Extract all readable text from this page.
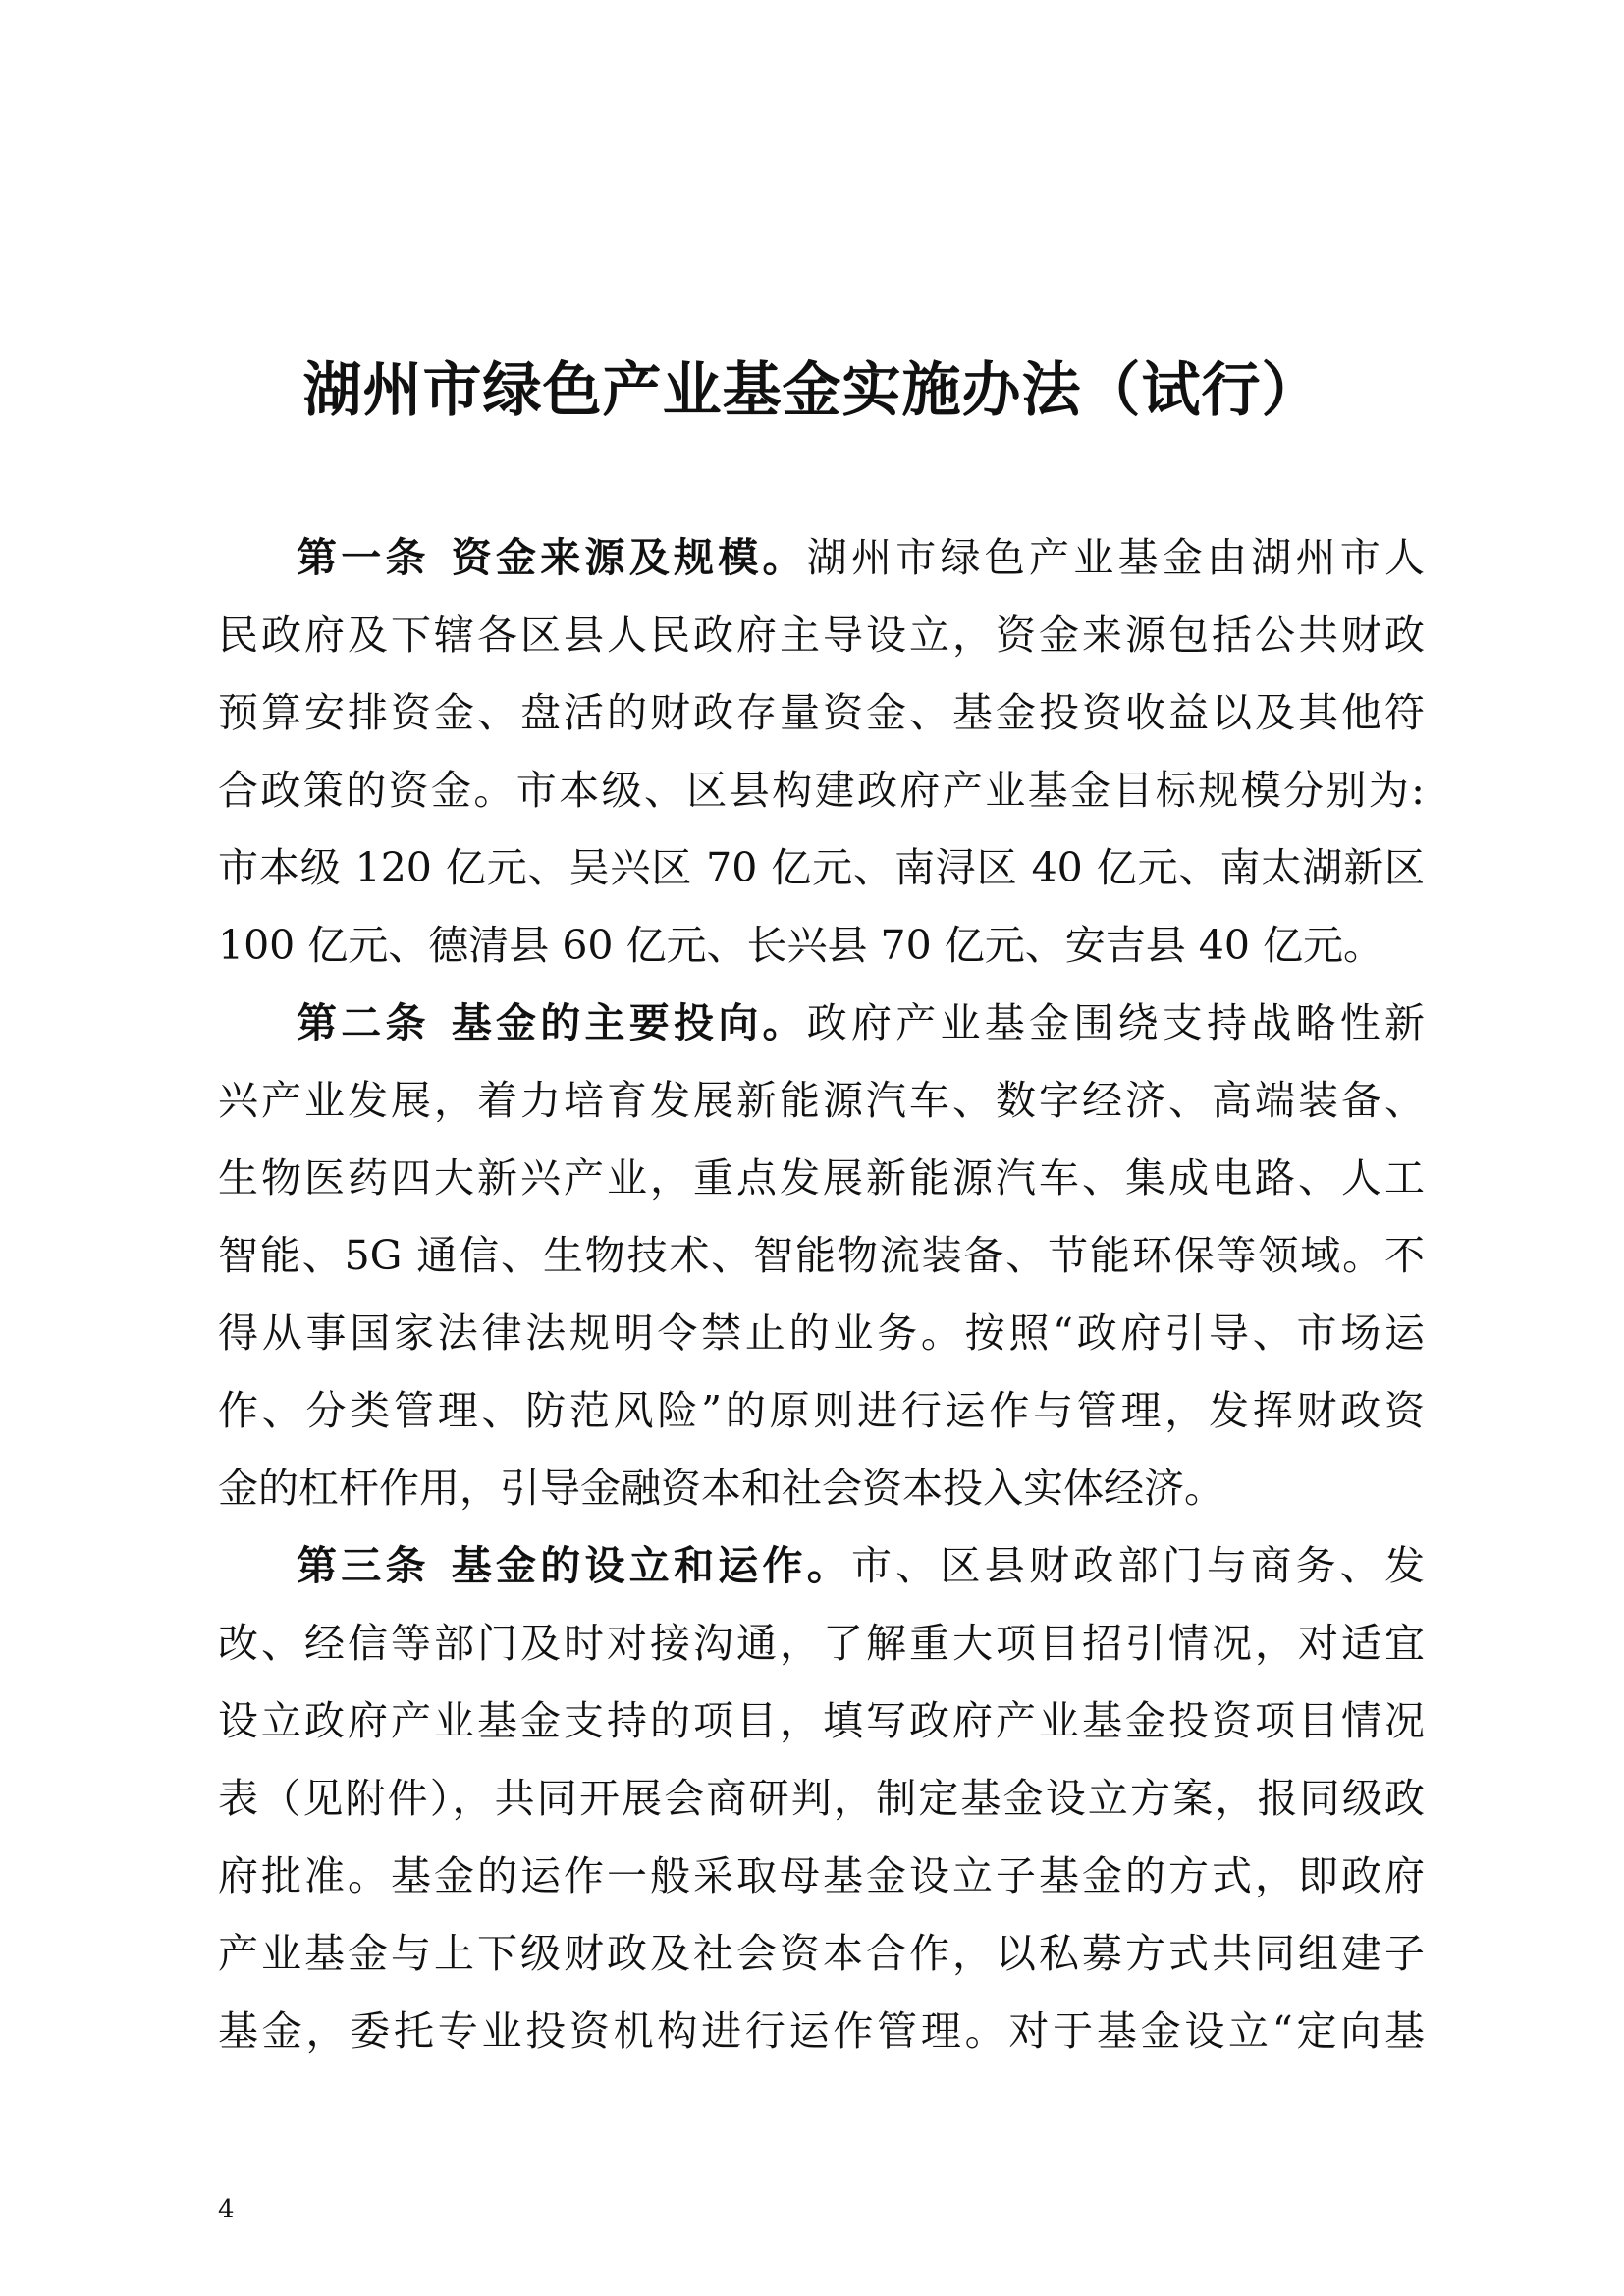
湖州市绿色产业基金实施办法（试行）
第一条 资金来源及规模。湖州市绿色产业基金由湖州市人
民政府及下辖各区县人民政府主导设立，资金来源包括公共财政
预算安排资金、盘活的财政存量资金、基金投资收益以及其他符
合政策的资金。市本级、区县构建政府产业基金目标规模分别为:
市本级 120 亿元、吴兴区 70 亿元、南浔区 40 亿元、南太湖新区
100 亿元、德清县 60 亿元、长兴县 70 亿元、安吉县 40 亿元。
第二条 基金的主要投向。政府产业基金围绕支持战略性新
兴产业发展，着力培育发展新能源汽车、数字经济、高端装备、
生物医药四大新兴产业，重点发展新能源汽车、集成电路、人工
智能、5G 通信、生物技术、智能物流装备、节能环保等领域。不
得从事国家法律法规明令禁止的业务。按照“政府引导、市场运
作、分类管理、防范风险”的原则进行运作与管理，发挥财政资
金的杠杆作用，引导金融资本和社会资本投入实体经济。
第三条 基金的设立和运作。市、区县财政部门与商务、发
改、经信等部门及时对接沟通，了解重大项目招引情况，对适宜
设立政府产业基金支持的项目，填写政府产业基金投资项目情况
表（见附件），共同开展会商研判，制定基金设立方案，报同级政
府批准。基金的运作一般采取母基金设立子基金的方式，即政府
产业基金与上下级财政及社会资本合作，以私募方式共同组建子
基金，委托专业投资机构进行运作管理。对于基金设立“定向基
4
